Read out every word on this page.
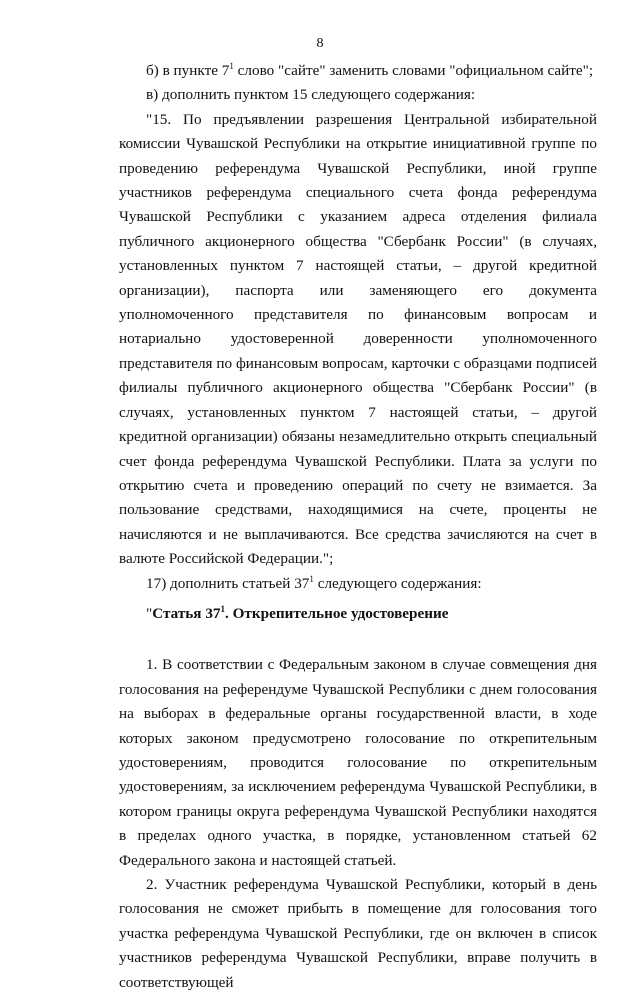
8

б) в пункте $7^1$ слово "сайте" заменить словами "официальном сайте";

в) дополнить пунктом 15 следующего содержания:

"15. По предъявлении разрешения Центральной избирательной комиссии Чувашской Республики на открытие инициативной группе по проведению референдума Чувашской Республики, иной группе участников референдума специального счета фонда референдума Чувашской Республики с указанием адреса отделения филиала публичного акционерного общества "Сбербанк России" (в случаях, установленных пунктом 7 настоящей статьи, – другой кредитной организации), паспорта или заменяющего его документа уполномоченного представителя по финансовым вопросам и нотариально удостоверенной доверенности уполномоченного представителя по финансовым вопросам, карточки с образцами подписей филиалы публичного акционерного общества "Сбербанк России" (в случаях, установленных пунктом 7 настоящей статьи, – другой кредитной организации) обязаны незамедлительно открыть специальный счет фонда референдума Чувашской Республики. Плата за услуги по открытию счета и проведению операций по счету не взимается. За пользование средствами, находящимися на счете, проценты не начисляются и не выплачиваются. Все средства зачисляются на счет в валюте Российской Федерации.";

17) дополнить статьей $37^1$ следующего содержания:

"Статья $37^1$. Открепительное удостоверение

1. В соответствии с Федеральным законом в случае совмещения дня голосования на референдуме Чувашской Республики с днем голосования на выборах в федеральные органы государственной власти, в ходе которых законом предусмотрено голосование по открепительным удостоверениям, проводится голосование по открепительным удостоверениям, за исключением референдума Чувашской Республики, в котором границы округа референдума Чувашской Республики находятся в пределах одного участка, в порядке, установленном статьей 62 Федерального закона и настоящей статьей.

2. Участник референдума Чувашской Республики, который в день голосования не сможет прибыть в помещение для голосования того участка референдума Чувашской Республики, где он включен в список участников референдума Чувашской Республики, вправе получить в соответствующей
